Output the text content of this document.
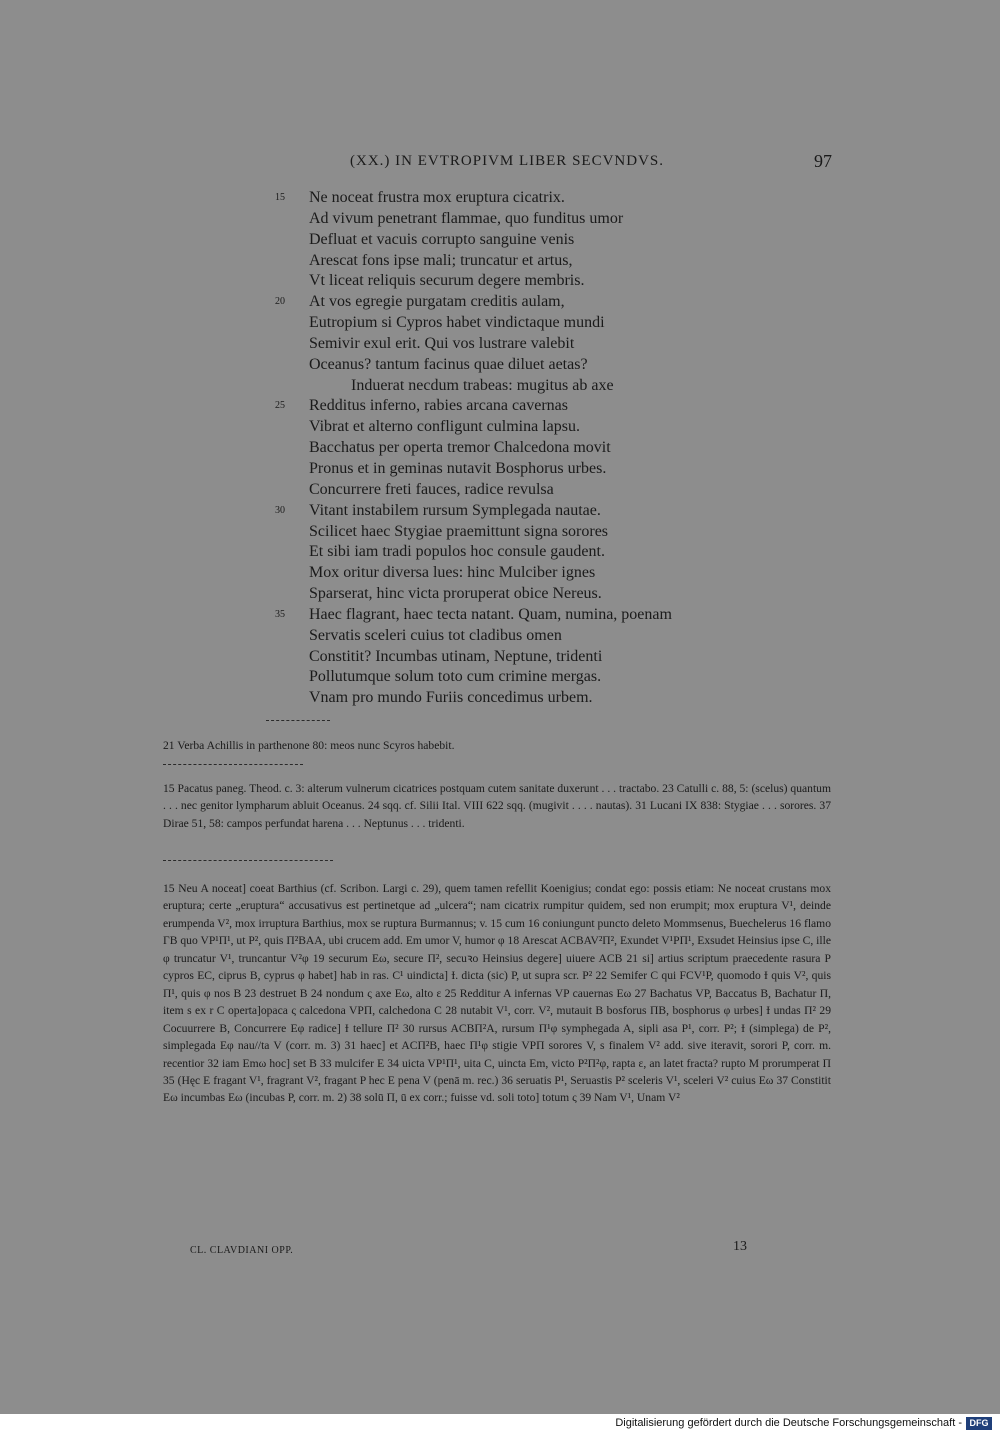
(XX.) IN EVTROPIVM LIBER SECVNDVS.	97
15	Ne noceat frustra mox eruptura cicatrix.
Ad vivum penetrant flammae, quo funditus umor
Defluat et vacuis corrupto sanguine venis
Arescat fons ipse mali; truncatur et artus,
Vt liceat reliquis securum degere membris.
20	At vos egregie purgatam creditis aulam,
Eutropium si Cypros habet vindictaque mundi
Semivir exul erit. Qui vos lustrare valebit
Oceanus? tantum facinus quae diluet aetas?
Induerat necdum trabeas: mugitus ab axe
25	Redditus inferno, rabies arcana cavernas
Vibrat et alterno confligunt culmina lapsu.
Bacchatus per operta tremor Chalcedona movit
Pronus et in geminas nutavit Bosphorus urbes.
Concurrere freti fauces, radice revulsa
30	Vitant instabilem rursum Symplegada nautae.
Scilicet haec Stygiae praemittunt signa sorores
Et sibi iam tradi populos hoc consule gaudent.
Mox oritur diversa lues: hinc Mulciber ignes
Sparserat, hinc victa proruperat obice Nereus.
35	Haec flagrant, haec tecta natant. Quam, numina, poenam
Servatis sceleri cuius tot cladibus omen
Constitit? Incumbas utinam, Neptune, tridenti
Pollutumque solum toto cum crimine mergas.
Vnam pro mundo Furiis concedimus urbem.

21 Verba Achillis in parthenone 80: meos nunc Scyros habebit.

15 Pacatus paneg. Theod. c. 3: alterum vulnerum cicatrices postquam cutem sanitate duxerunt . . . tractabo. 23 Catulli c. 88, 5: (scelus) quantum . . . nec genitor lympharum abluit Oceanus. 24 sqq. cf. Silii Ital. VIII 622 sqq. (mugivit . . . . nautas). 31 Lucani IX 838: Stygiae . . . sorores. 37 Dirae 51, 58: campos perfundat harena . . . Neptunus . . . tridenti.

15 Neu A noceat] coeat Barthius (cf. Scribon. Largi c. 29), quem tamen refellit Koenigius; condat ego: possis etiam: Ne noceat crustans mox eruptura; certe „eruptura“ accusativus est pertinetque ad „ulcera“; nam cicatrix rumpitur quidem, sed non erumpit; mox eruptura V¹, deinde erumpenda V², mox irruptura Barthius, mox se ruptura Burmannus; v. 15 cum 16 coniungunt puncto deleto Mommsenus, Buechelerus 16 flamo ΓB quo VP¹Π¹, ut P², quis Π²BAA, ubi crucem add. Em umor V, humor φ 18 Arescat ACBAV²Π², Exundet V¹PΠ¹, Exsudet Heinsius ipse C, ille φ truncatur V¹, truncantur V²φ 19 securum Eω, secure Π², secuꝛo Heinsius degere] uiuere ACB 21 si] artius scriptum praecedente rasura P cypros EC, ciprus B, cyprus φ habet] hab in ras. C¹ uindicta] Ɨ. dicta (sic) P, ut supra scr. P² 22 Semifer C qui FCV¹P, quomodo Ɨ quis V², quis Π¹, quis φ nos B 23 destruet B 24 nondum ς axe Eω, alto ε 25 Redditur A infernas VP cauernas Eω 27 Bachatus VP, Baccatus B, Bachatur Π, item s ex r C operta]opaca ς calcedona VPΠ, calchedona C 28 nutabit V¹, corr. V², mutauit B bosforus ΠB, bosphorus φ urbes] Ɨ undas Π² 29 Cocuurrere B, Concurrere Eφ radice] Ɨ tellure Π² 30 rursus ACBΠ²A, rursum Π¹φ symphegada A, sipli asa P¹, corr. P²; Ɨ (simplega) de P², simplegada Eφ nau//ta V (corr. m. 3) 31 haec] et ACΠ²B, haec Π¹φ stigie VPΠ sorores V, s finalem V² add. sive iteravit, sorori P, corr. m. recentior 32 iam Emω hoc] set B 33 mulcifer E 34 uicta VP¹Π¹, uita C, uincta Em, victo P²Π²φ, rapta ε, an latet fracta? rupto M prorumperat Π 35 (Hęc E fragant V¹, fragrant V², fragant P hec E pena V (penā m. rec.) 36 seruatis P¹, Seruastis P² sceleris V¹, sceleri V² cuius Eω 37 Constitit Eω incumbas Eω (incubas P, corr. m. 2) 38 solū Π, ū ex corr.; fuisse vd. soli toto] totum ς 39 Nam V¹, Unam V²

CL. CLAVDIANI OPP.	13
Digitalisierung gefördert durch die Deutsche Forschungsgemeinschaft - DFG
